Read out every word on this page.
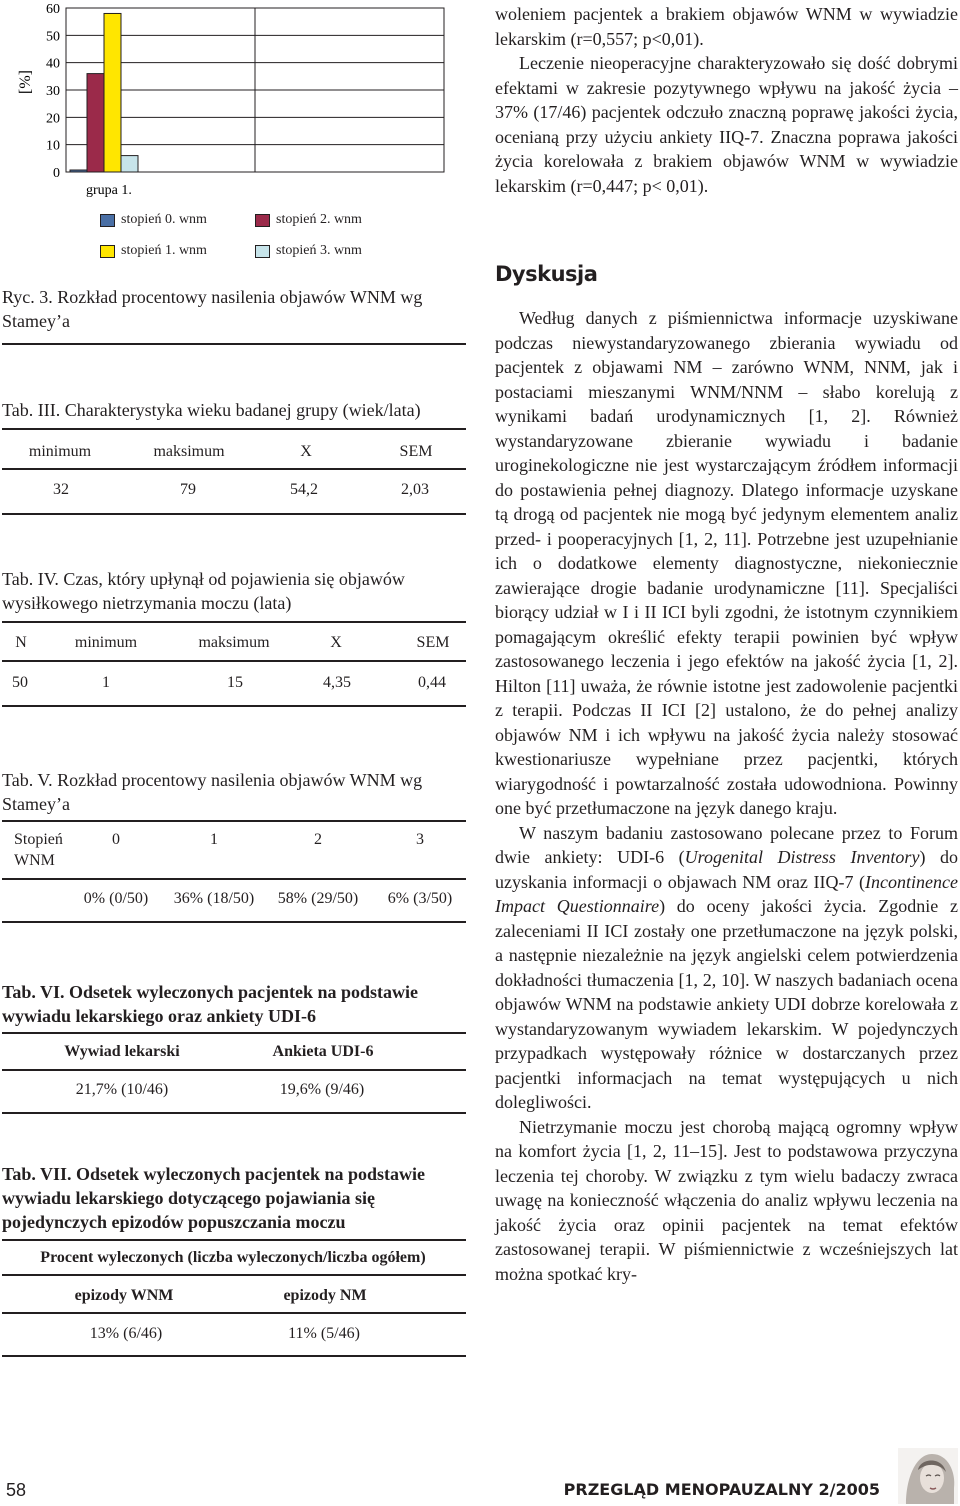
0
10
20
30
40
50
60
[%]
grupa 1.
stopień 0. wnm	stopień 2. wnm
stopień 1. wnm	stopień 3. wnm
Ryc. 3. Rozkład procentowy nasilenia objawów WNM wg Stamey’a
Tab. III. Charakterystyka wieku badanej grupy (wiek/lata)
minimum	maksimum	X	SEM
32	79	54,2	2,03
Tab. IV. Czas, który upłynął od pojawienia się objawów wysiłkowego nietrzymania moczu (lata)
N	minimum	maksimum	X	SEM
50	1	15	4,35	0,44
Tab. V. Rozkład procentowy nasilenia objawów WNM wg Stamey’a
Stopień
WNM
0	1	2	3
0% (0/50) 36% (18/50) 58% (29/50) 6% (3/50)
Tab. VI. Odsetek wyleczonych pacjentek na podstawie wywiadu lekarskiego oraz ankiety UDI-6
Wywiad lekarski	Ankieta UDI-6
21,7% (10/46)	19,6% (9/46)
Tab. VII. Odsetek wyleczonych pacjentek na podstawie wywiadu lekarskiego dotyczącego pojawiania się pojedynczych epizodów popuszczania moczu
Procent wyleczonych (liczba wyleczonych/liczba ogółem)
epizody WNM	epizody NM
13% (6/46)	11% (5/46)

woleniem pacjentek a brakiem objawów WNM w wywiadzie lekarskim (r=0,557; p<0,01).

Leczenie nieoperacyjne charakteryzowało się dość dobrymi efektami w zakresie pozytywnego wpływu na jakość życia – 37% (17/46) pacjentek odczuło znaczną poprawę jakości życia, ocenianą przy użyciu ankiety IIQ-7. Znaczna poprawa jakości życia korelowała z brakiem objawów WNM w wywiadzie lekarskim (r=0,447; p< 0,01).

Dyskusja

Według danych z piśmiennictwa informacje uzyskiwane podczas niewystandaryzowanego zbierania wywiadu od pacjentek z objawami NM – zarówno WNM, NNM, jak i postaciami mieszanymi WNM/NNM – słabo korelują z wynikami badań urodynamicznych [1, 2]. Również wystandaryzowane zbieranie wywiadu i badanie uroginekologiczne nie jest wystarczającym źródłem informacji do postawienia pełnej diagnozy. Dlatego informacje uzyskane tą drogą od pacjentek nie mogą być jedynym elementem analiz przed- i pooperacyjnych [1, 2, 11]. Potrzebne jest uzupełnianie ich o dodatkowe elementy diagnostyczne, niekoniecznie zawierające drogie badanie urodynamiczne [11]. Specjaliści biorący udział w I i II ICI byli zgodni, że istotnym czynnikiem pomagającym określić efekty terapii powinien być wpływ zastosowanego leczenia i jego efektów na jakość życia [1, 2]. Hilton [11] uważa, że równie istotne jest zadowolenie pacjentki z terapii. Podczas II ICI [2] ustalono, że do pełnej analizy objawów NM i ich wpływu na jakość życia należy stosować kwestionariusze wypełniane przez pacjentki, których wiarygodność i powtarzalność została udowodniona. Powinny one być przetłumaczone na język danego kraju.

W naszym badaniu zastosowano polecane przez to Forum dwie ankiety: UDI-6 (Urogenital Distress Inventory) do uzyskania informacji o objawach NM oraz IIQ-7 (Incontinence Impact Questionnaire) do oceny jakości życia. Zgodnie z zaleceniami II ICI zostały one przetłumaczone na język polski, a następnie niezależnie na język angielski celem potwierdzenia dokładności tłumaczenia [1, 2, 10]. W naszych badaniach ocena objawów WNM na podstawie ankiety UDI dobrze korelowała z wystandaryzowanym wywiadem lekarskim. W pojedynczych przypadkach występowały różnice w dostarczanych przez pacjentki informacjach na temat występujących u nich dolegliwości.

Nietrzymanie moczu jest chorobą mającą ogromny wpływ na komfort życia [1, 2, 11–15]. Jest to podstawowa przyczyna leczenia tej choroby. W związku z tym wielu badaczy zwraca uwagę na konieczność włączenia do analiz wpływu leczenia na jakość życia oraz opinii pacjentek na temat efektów zastosowanej terapii. W piśmiennictwie z wcześniejszych lat można spotkać kry-

58	PRZEGLĄD MENOPAUZALNY 2/2005
